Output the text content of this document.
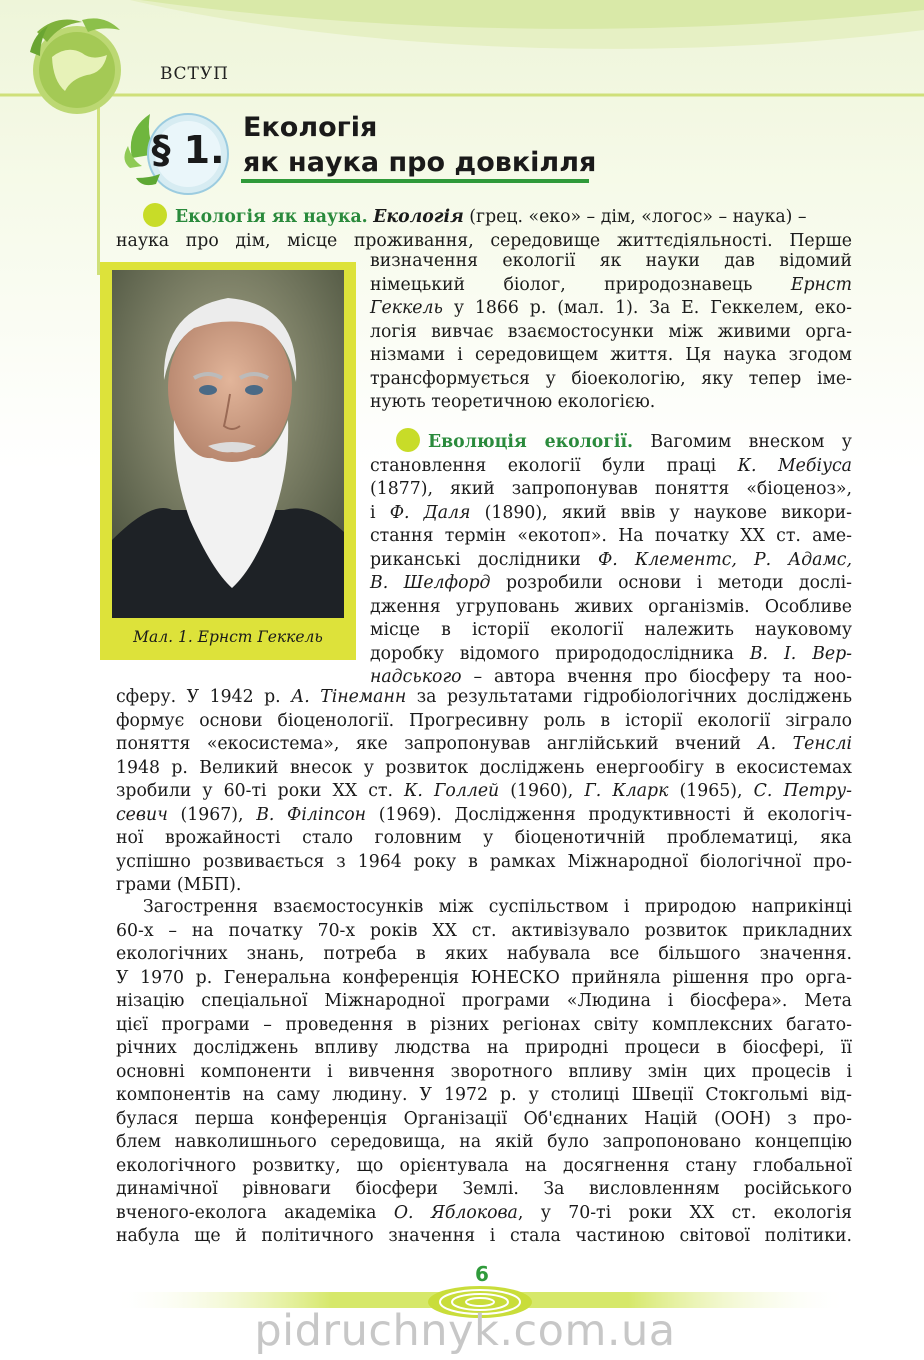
ВСТУП
§ 1.
Екологія
як наука про довкілля
Екологія як наука. Екологія (грец. «еко» – дім, «логос» – наука) –
наука про дім, місце проживання, середовище життєдіяльності. Перше
Мал. 1. Ернст Геккель
визначення екології як науки дав відомий
німецький біолог, природознавець Ернст
Геккель у 1866 р. (мал. 1). За Е. Геккелем, еко-
логія вивчає взаємостосунки між живими орга-
нізмами і середовищем життя. Ця наука згодом
трансформується у біоекологію, яку тепер іме-
нують теоретичною екологією.
Еволюція екології. Вагомим внеском у
становлення екології були праці К. Мебіуса
(1877), який запропонував поняття «біоценоз»,
і Ф. Даля (1890), який ввів у наукове викори-
стання термін «екотоп». На початку XX ст. аме-
риканські дослідники Ф. Клементс, Р. Адамс,
В. Шелфорд розробили основи і методи дослі-
дження угруповань живих організмів. Особливе
місце в історії екології належить науковому
доробку відомого природодослідника В. І. Вер-
надського – автора вчення про біосферу та ноо-
сферу. У 1942 р. А. Тінеманн за результатами гідробіологічних досліджень
формує основи біоценології. Прогресивну роль в історії екології зіграло
поняття «екосистема», яке запропонував англійський вчений А. Тенслі
1948 р. Великий внесок у розвиток досліджень енергообігу в екосистемах
зробили у 60-ті роки XX ст. К. Голлей (1960), Г. Кларк (1965), С. Петру-
севич (1967), В. Філіпсон (1969). Дослідження продуктивності й екологіч-
ної врожайності стало головним у біоценотичній проблематиці, яка
успішно розвивається з 1964 року в рамках Міжнародної біологічної про-
грами (МБП).
Загострення взаємостосунків між суспільством і природою наприкінці
60-х – на початку 70-х років XX ст. активізувало розвиток прикладних
екологічних знань, потреба в яких набувала все більшого значення.
У 1970 р. Генеральна конференція ЮНЕСКО прийняла рішення про орга-
нізацію спеціальної Міжнародної програми «Людина і біосфера». Мета
цієї програми – проведення в різних регіонах світу комплексних багато-
річних досліджень впливу людства на природні процеси в біосфері, її
основні компоненти і вивчення зворотного впливу змін цих процесів і
компонентів на саму людину. У 1972 р. у столиці Швеції Стокгольмі від-
булася перша конференція Організації Об'єднаних Націй (ООН) з про-
блем навколишнього середовища, на якій було запропоновано концепцію
екологічного розвитку, що орієнтувала на досягнення стану глобальної
динамічної рівноваги біосфери Землі. За висловленням російського
вченого-еколога академіка О. Яблокова, у 70-ті роки XX ст. екологія
набула ще й політичного значення і стала частиною світової політики.
6
pidruchnyk.com.ua
